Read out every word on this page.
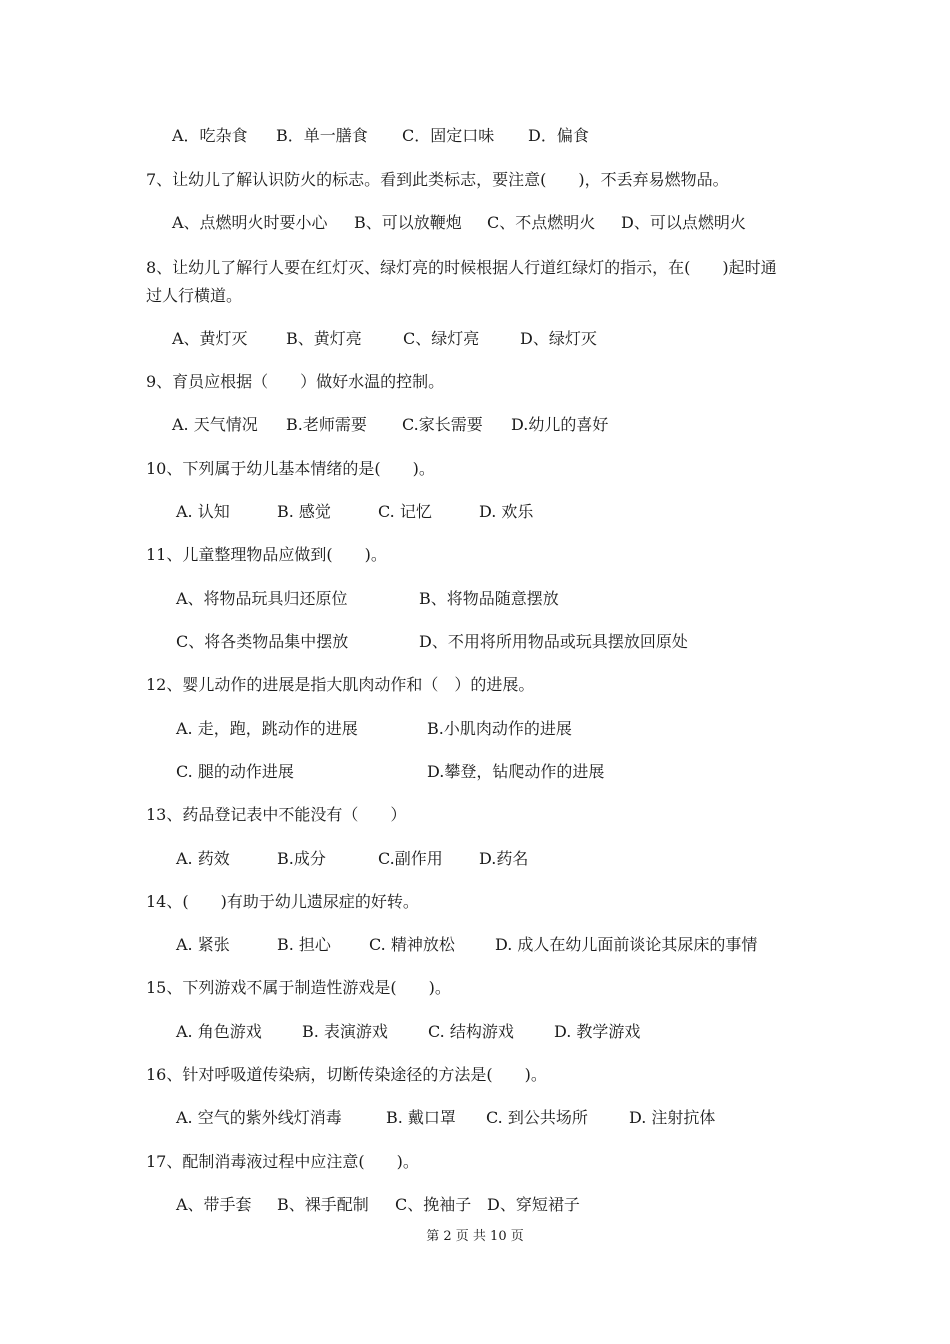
A．吃杂食 B．单一膳食 C．固定口味 D．偏食
7、让幼儿了解认识防火的标志。看到此类标志，要注意(　　)，不丢弃易燃物品。
A、点燃明火时要小心 B、可以放鞭炮 C、不点燃明火 D、可以点燃明火
8、让幼儿了解行人要在红灯灭、绿灯亮的时候根据人行道红绿灯的指示，在(　　)起时通
过人行横道。
A、黄灯灭 B、黄灯亮	C、绿灯亮	D、绿灯灭
9、育员应根据（　　）做好水温的控制。
A. 天气情况 B.老师需要 C.家长需要 D.幼儿的喜好
10、下列属于幼儿基本情绪的是(　　)。
A. 认知	B. 感觉	C. 记忆	D. 欢乐
11、儿童整理物品应做到(　　)。
A、将物品玩具归还原位	B、将物品随意摆放
C、将各类物品集中摆放	D、不用将所用物品或玩具摆放回原处
12、婴儿动作的进展是指大肌肉动作和（　）的进展。
A. 走，跑，跳动作的进展	B.小肌肉动作的进展
C. 腿的动作进展	D.攀登，钻爬动作的进展
13、药品登记表中不能没有（　　）
A. 药效	B.成分	C.副作用 D.药名
14、(　　)有助于幼儿遗尿症的好转。
A. 紧张	B. 担心 C. 精神放松	D. 成人在幼儿面前谈论其尿床的事情
15、下列游戏不属于制造性游戏是(　　)。
A. 角色游戏	B. 表演游戏	C. 结构游戏	D. 教学游戏
16、针对呼吸道传染病，切断传染途径的方法是(　　)。
A. 空气的紫外线灯消毒	B. 戴口罩 C. 到公共场所	D. 注射抗体
17、配制消毒液过程中应注意(　　)。
A、带手套 B、裸手配制 C、挽袖子 D、穿短裙子
第 2 页 共 10 页
